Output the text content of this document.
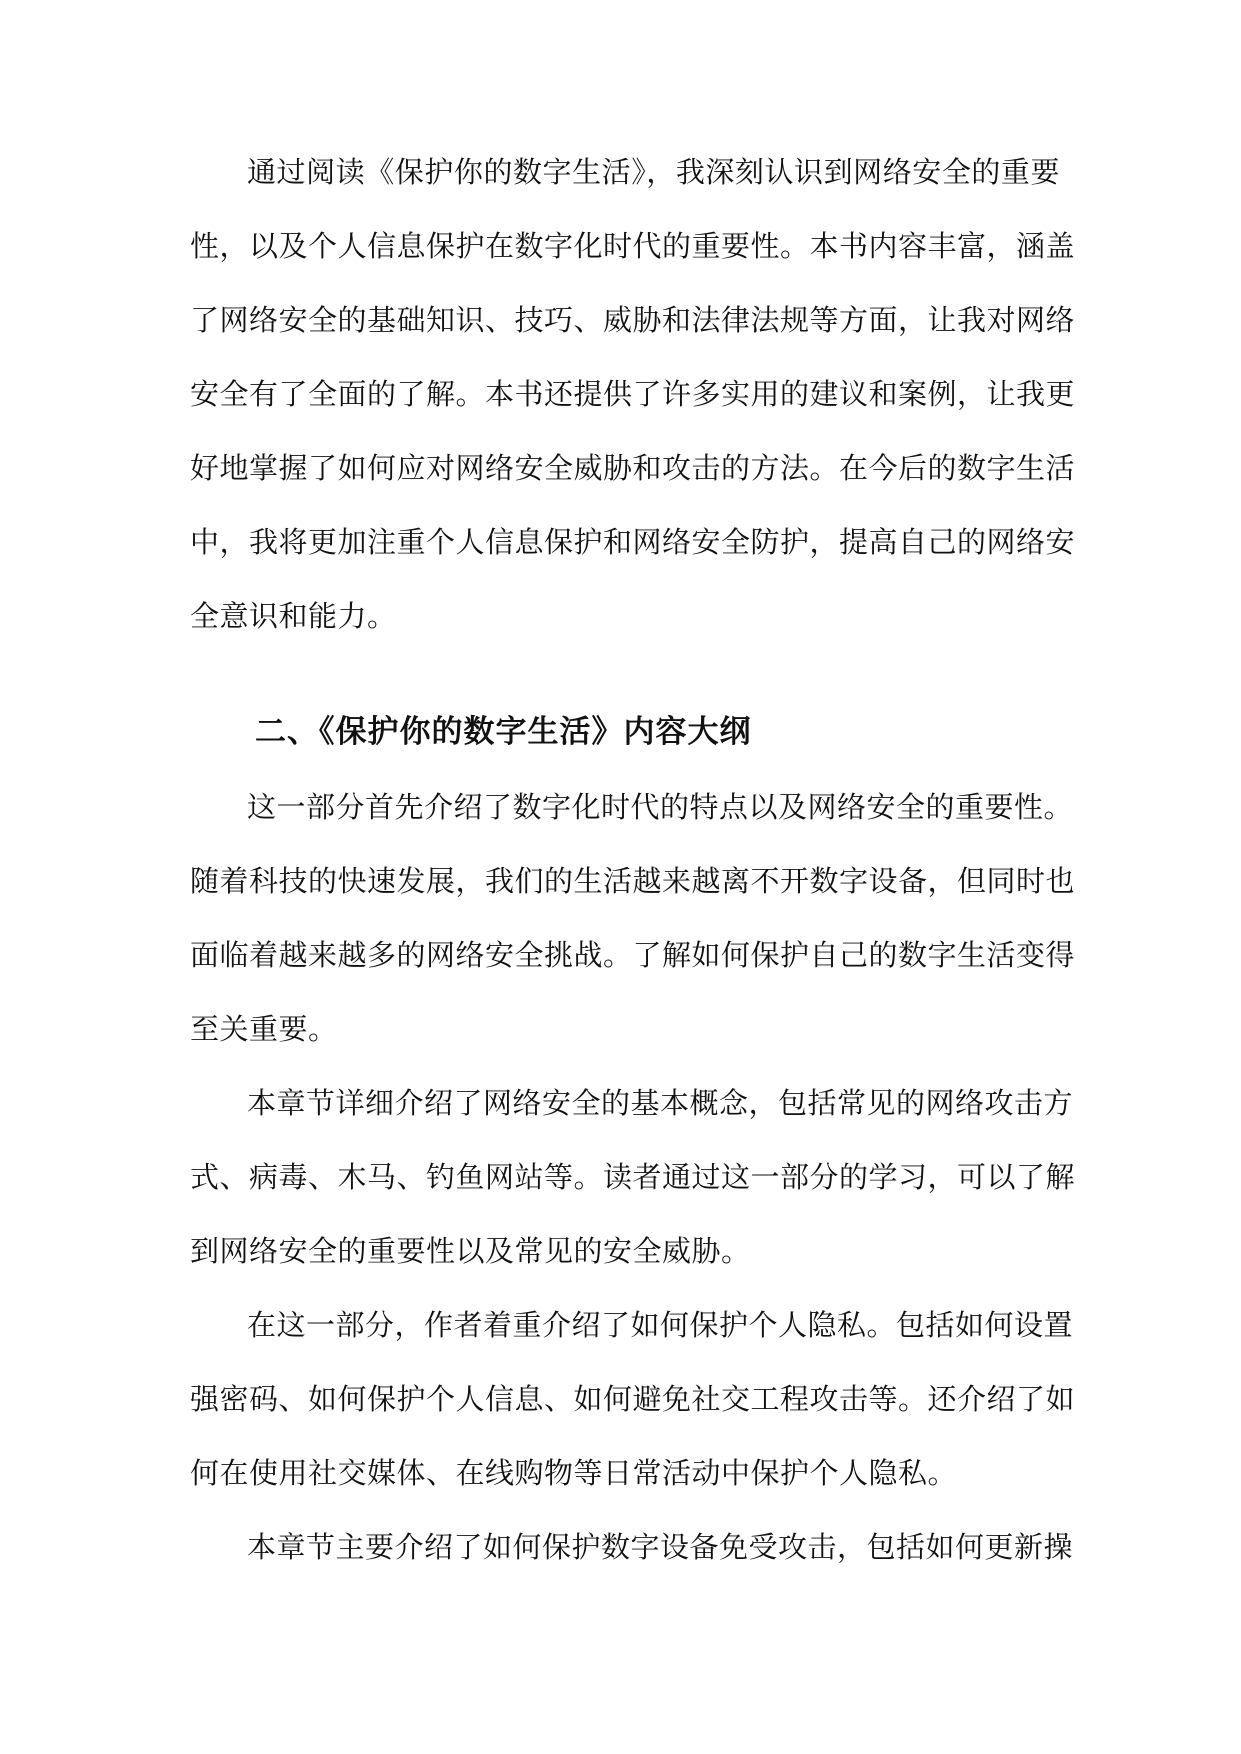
通过阅读《保护你的数字生活》，我深刻认识到网络安全的重要
性，以及个人信息保护在数字化时代的重要性。本书内容丰富，涵盖
了网络安全的基础知识、技巧、威胁和法律法规等方面，让我对网络
安全有了全面的了解。本书还提供了许多实用的建议和案例，让我更
好地掌握了如何应对网络安全威胁和攻击的方法。在今后的数字生活
中，我将更加注重个人信息保护和网络安全防护，提高自己的网络安
全意识和能力。
二、《保护你的数字生活》内容大纲
这一部分首先介绍了数字化时代的特点以及网络安全的重要性。
随着科技的快速发展，我们的生活越来越离不开数字设备，但同时也
面临着越来越多的网络安全挑战。了解如何保护自己的数字生活变得
至关重要。
本章节详细介绍了网络安全的基本概念，包括常见的网络攻击方
式、病毒、木马、钓鱼网站等。读者通过这一部分的学习，可以了解
到网络安全的重要性以及常见的安全威胁。
在这一部分，作者着重介绍了如何保护个人隐私。包括如何设置
强密码、如何保护个人信息、如何避免社交工程攻击等。还介绍了如
何在使用社交媒体、在线购物等日常活动中保护个人隐私。
本章节主要介绍了如何保护数字设备免受攻击，包括如何更新操
